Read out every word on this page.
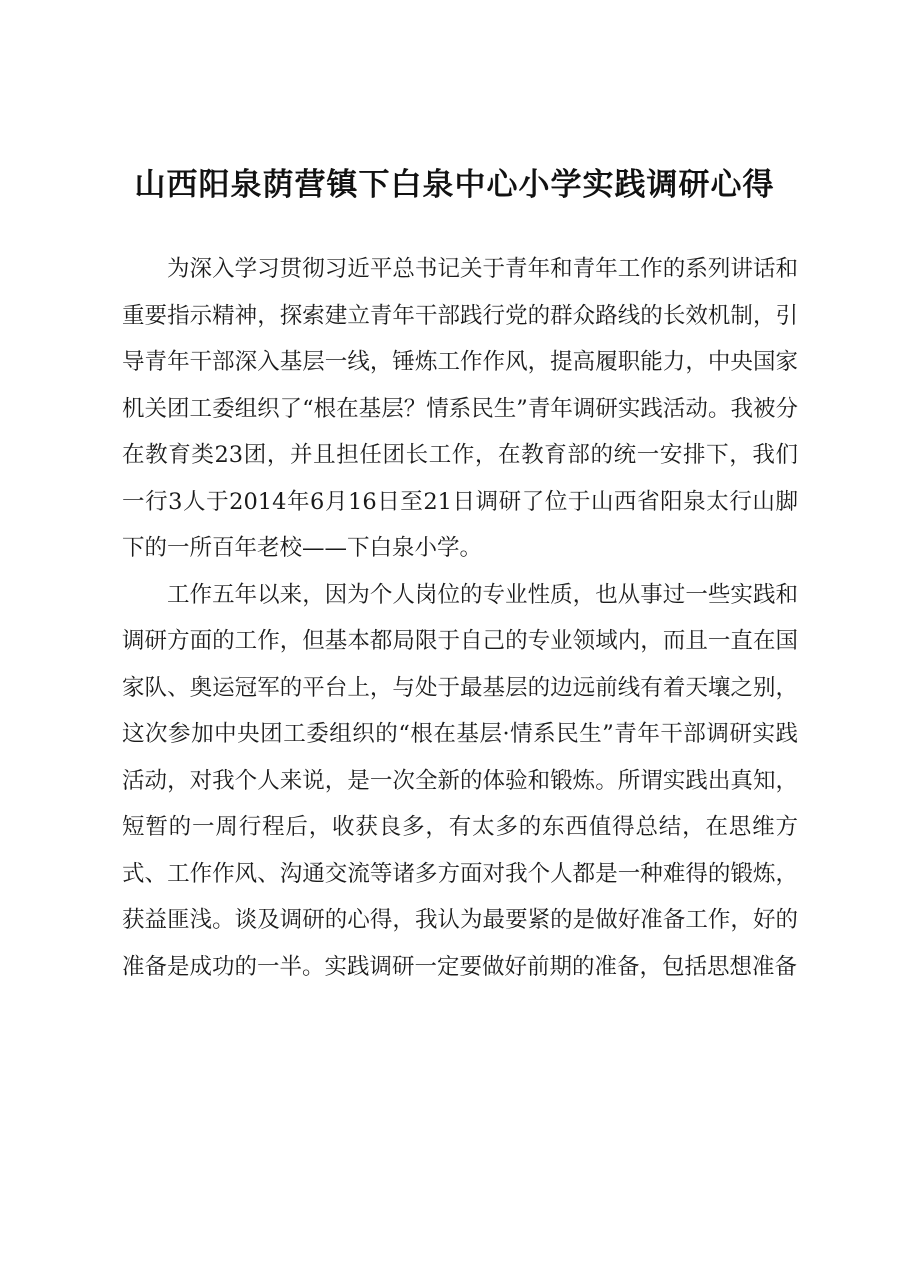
山西阳泉荫营镇下白泉中心小学实践调研心得

为深入学习贯彻习近平总书记关于青年和青年工作的系列讲话和重要指示精神，探索建立青年干部践行党的群众路线的长效机制，引导青年干部深入基层一线，锤炼工作作风，提高履职能力，中央国家机关团工委组织了“根在基层？情系民生”青年调研实践活动。我被分在教育类23团，并且担任团长工作，在教育部的统一安排下，我们一行3人于2014年6月16日至21日调研了位于山西省阳泉太行山脚下的一所百年老校——下白泉小学。

工作五年以来，因为个人岗位的专业性质，也从事过一些实践和调研方面的工作，但基本都局限于自己的专业领域内，而且一直在国家队、奥运冠军的平台上，与处于最基层的边远前线有着天壤之别，这次参加中央团工委组织的“根在基层·情系民生”青年干部调研实践活动，对我个人来说，是一次全新的体验和锻炼。所谓实践出真知，短暂的一周行程后，收获良多，有太多的东西值得总结，在思维方式、工作作风、沟通交流等诸多方面对我个人都是一种难得的锻炼，获益匪浅。谈及调研的心得，我认为最要紧的是做好准备工作，好的准备是成功的一半。实践调研一定要做好前期的准备，包括思想准备
